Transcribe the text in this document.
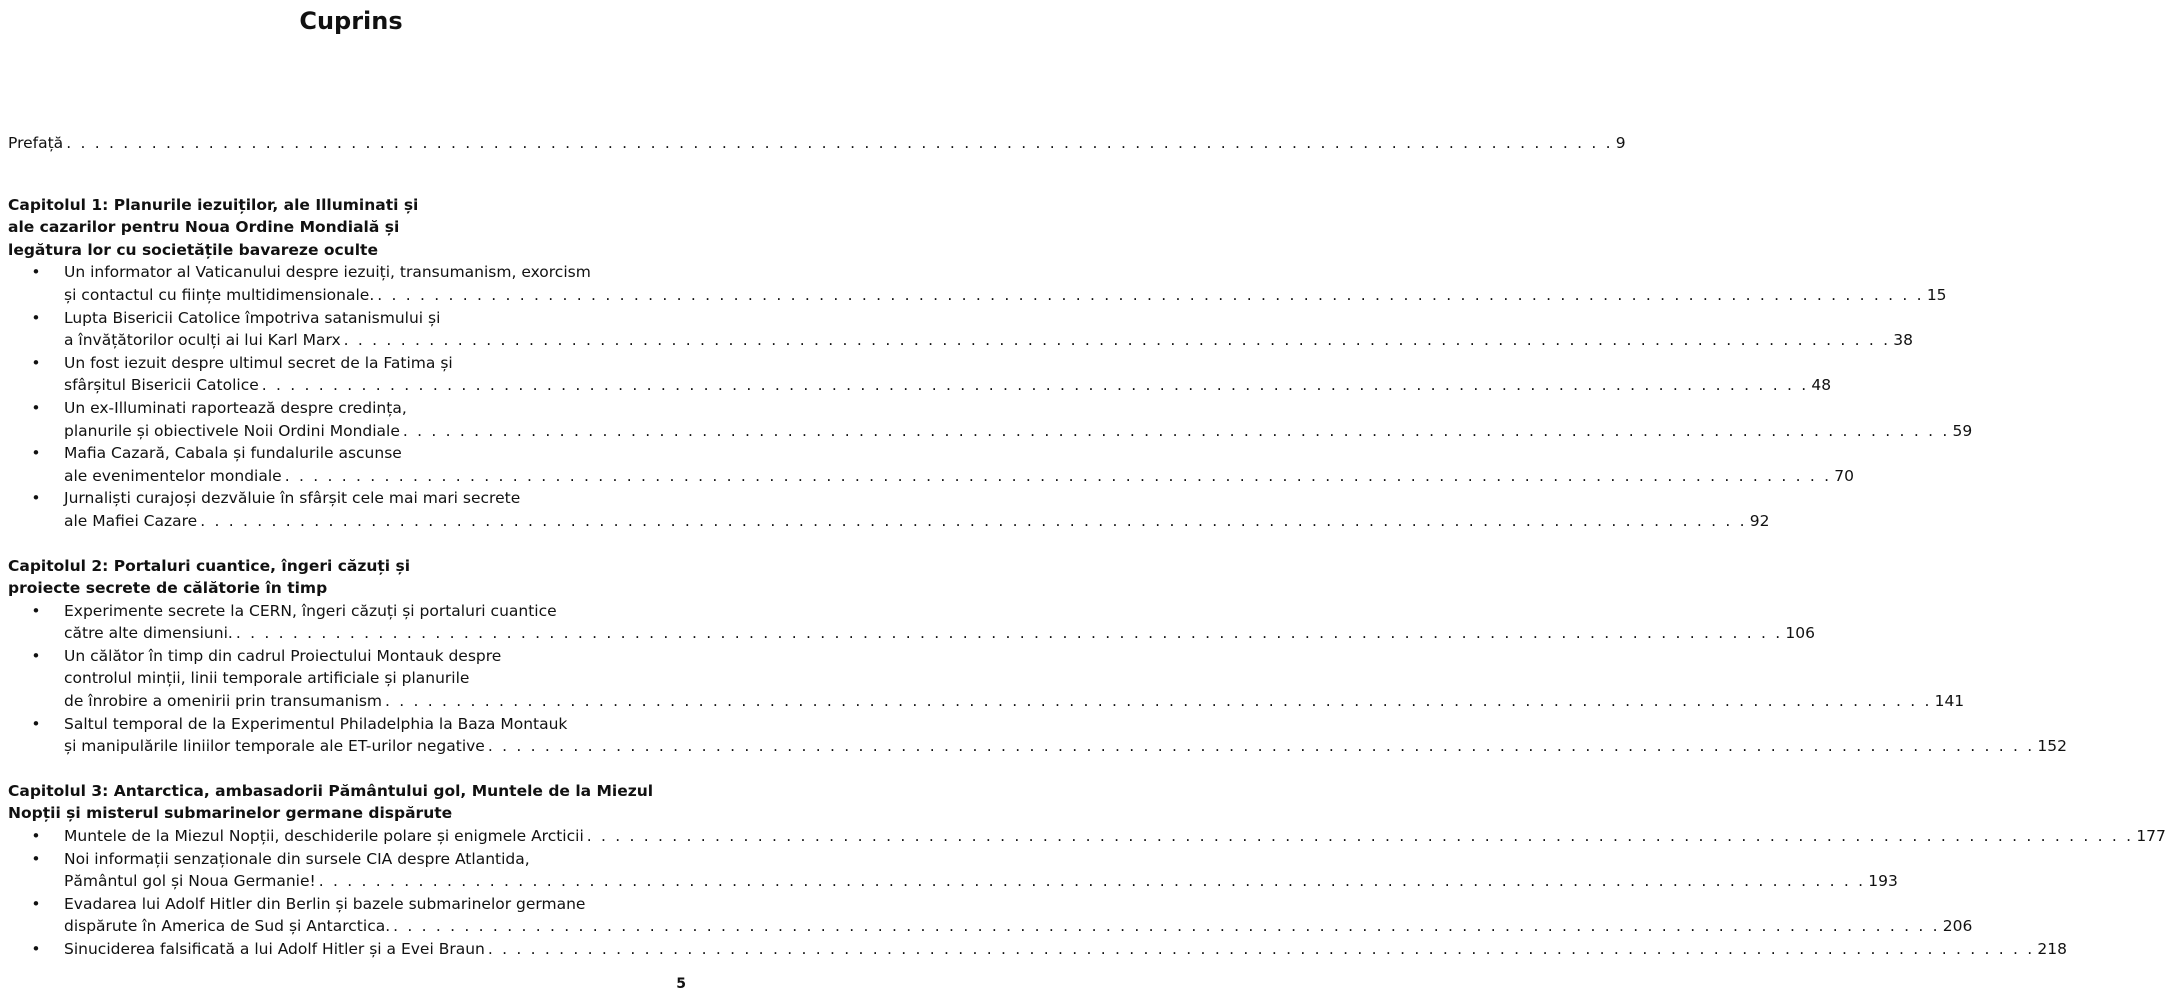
Cuprins
Prefață . . .	9
Capitolul 1: Planurile iezuiților, ale Illuminati și
ale cazarilor pentru Noua Ordine Mondială și
legătura lor cu societățile bavareze oculte
•	Un informator al Vaticanului despre iezuiți, transumanism, exorcism
și contactul cu ființe multidimensionale. . . .	15
•	Lupta Bisericii Catolice împotriva satanismului și
a învățătorilor oculți ai lui Karl Marx . . .	38
•	Un fost iezuit despre ultimul secret de la Fatima și
sfârșitul Bisericii Catolice . . .	48
•	Un ex-Illuminati raportează despre credința,
planurile și obiectivele Noii Ordini Mondiale . . .	59
•	Mafia Cazară, Cabala și fundalurile ascunse
ale evenimentelor mondiale . . .	70
•	Jurnaliști curajoși dezvăluie în sfârșit cele mai mari secrete
ale Mafiei Cazare . . .	92
Capitolul 2: Portaluri cuantice, îngeri căzuți și
proiecte secrete de călătorie în timp
•	Experimente secrete la CERN, îngeri căzuți și portaluri cuantice
către alte dimensiuni. . . .	106
•	Un călător în timp din cadrul Proiectului Montauk despre
controlul minții, linii temporale artificiale și planurile
de înrobire a omenirii prin transumanism . . .	141
•	Saltul temporal de la Experimentul Philadelphia la Baza Montauk
și manipulările liniilor temporale ale ET-urilor negative . . .	152
Capitolul 3: Antarctica, ambasadorii Pământului gol, Muntele de la Miezul
Nopții și misterul submarinelor germane dispărute
•	Muntele de la Miezul Nopții, deschiderile polare și enigmele Arcticii . . .	177
•	Noi informații senzaționale din sursele CIA despre Atlantida,
Pământul gol și Noua Germanie! . . .	193
•	Evadarea lui Adolf Hitler din Berlin și bazele submarinelor germane
dispărute în America de Sud și Antarctica. . . .	206
•	Sinuciderea falsificată a lui Adolf Hitler și a Evei Braun . . .	218
5
